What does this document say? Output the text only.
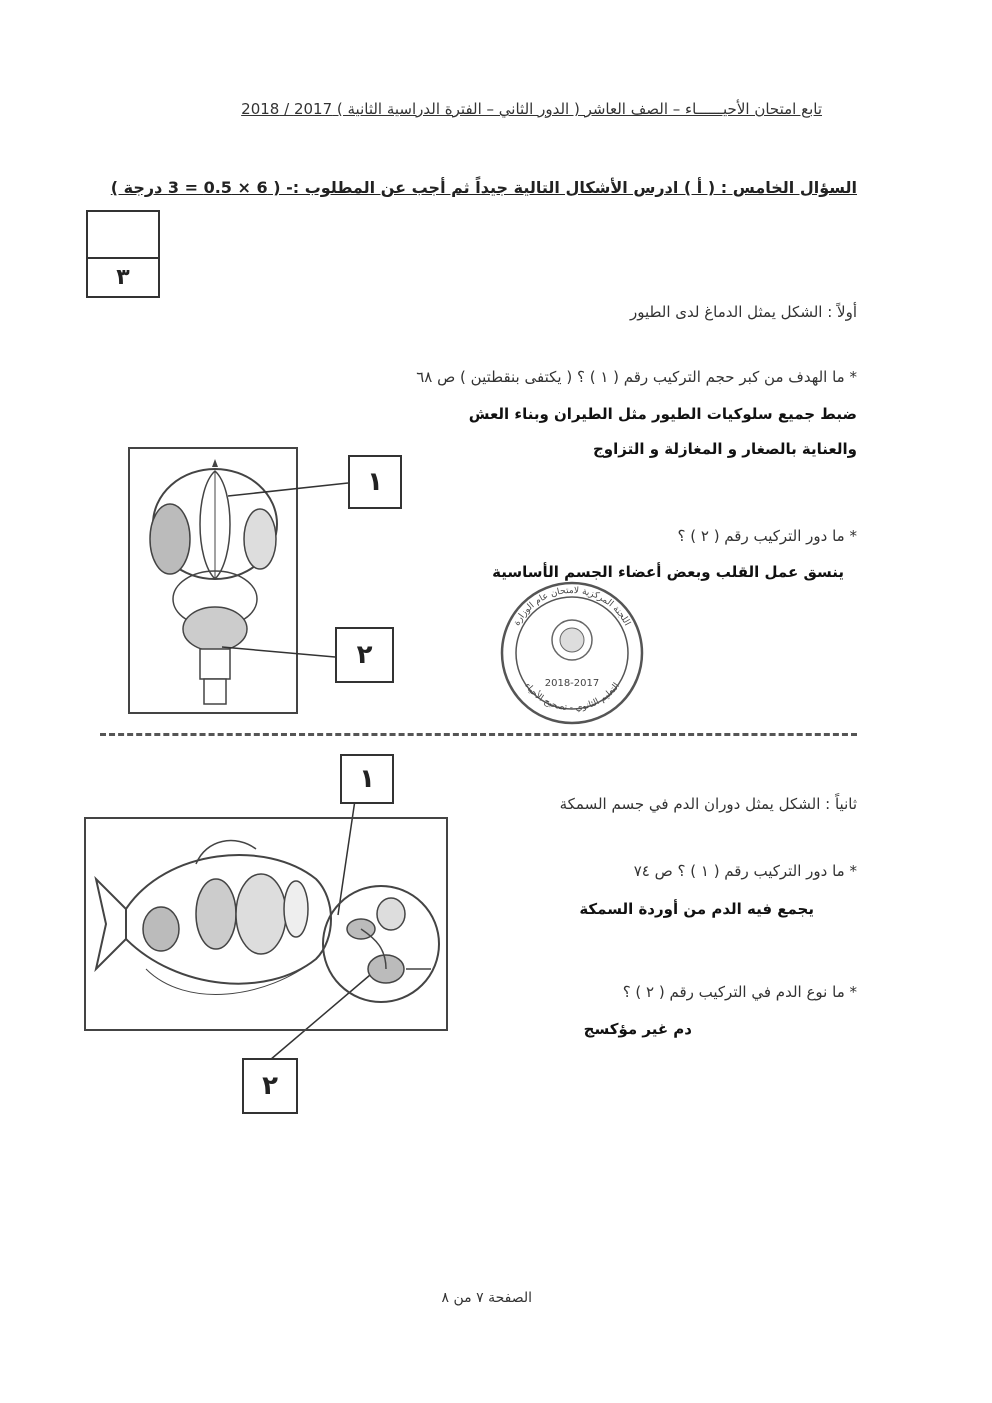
تابع امتحان الأحيــــــاء – الصف العاشر ( الدور الثاني – الفترة الدراسية الثانية ) 2017 / 2018
السؤال الخامس : ( أ ) ادرس الأشكال التالية جيداً ثم أجب عن المطلوب :- ( 6 × 0.5 = 3 درجة )
٣
أولاً : الشكل يمثل الدماغ لدى الطيور
* ما الهدف من كبر حجم التركيب رقم ( ١ ) ؟ ( يكتفى بنقطتين ) ص ٦٨
ضبط جميع سلوكيات الطيور مثل الطيران وبناء العش
والعناية بالصغار و المغازلة و التزاوج
* ما دور التركيب رقم ( ٢ ) ؟
ينسق عمل القلب وبعض أعضاء الجسم الأساسية
١
٢
2018-2017
اللجنة المركزية لامتحان عام الوزارة
التعليم الثانوي - تصحيح الأحياء
١
ثانياً : الشكل يمثل دوران الدم في جسم السمكة
* ما دور التركيب رقم ( ١ ) ؟ ص ٧٤
يجمع فيه الدم من أوردة السمكة
* ما نوع الدم في التركيب رقم ( ٢ ) ؟
دم غير مؤكسج
٢
الصفحة ٧ من ٨
